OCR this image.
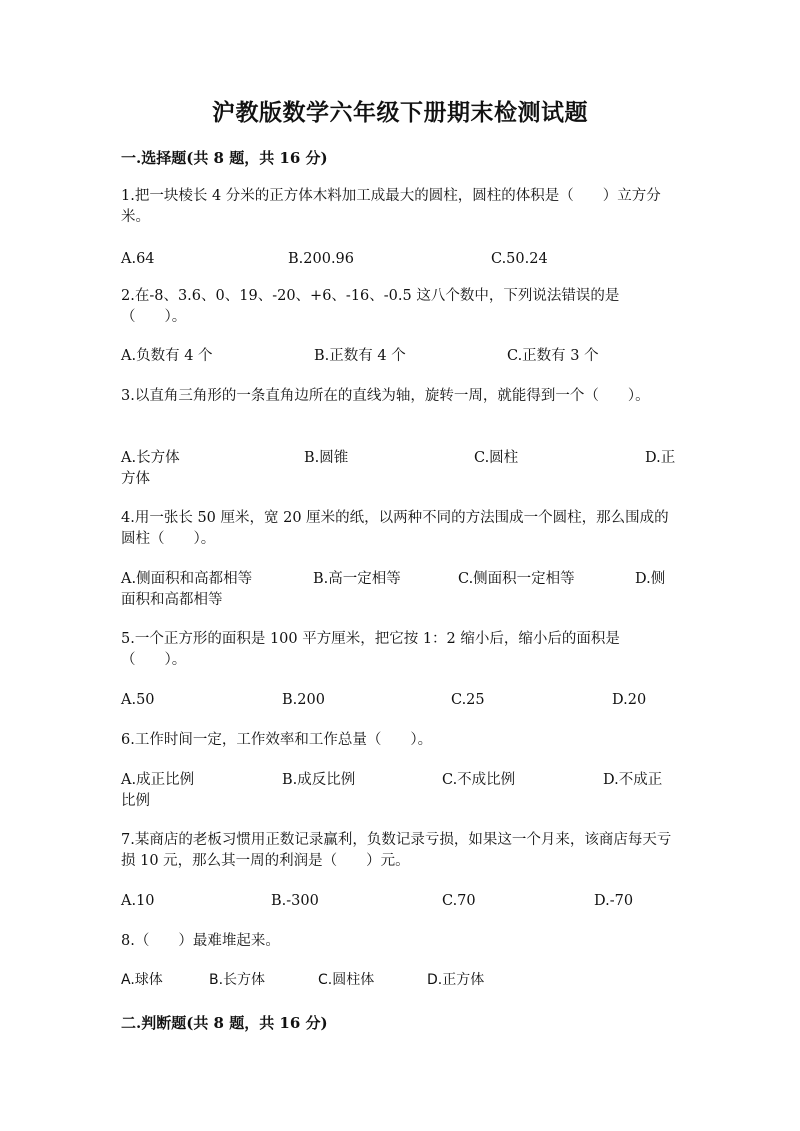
沪教版数学六年级下册期末检测试题
一.选择题(共 8 题，共 16 分)
1.把一块棱长 4 分米的正方体木料加工成最大的圆柱，圆柱的体积是（　　）立方分米。
A.64	B.200.96	C.50.24
2.在-8、3.6、0、19、-20、+6、-16、-0.5 这八个数中，下列说法错误的是（　　）。
A.负数有 4 个	B.正数有 4 个	C.正数有 3 个
3.以直角三角形的一条直角边所在的直线为轴，旋转一周，就能得到一个（　　）。
A.长方体	B.圆锥	C.圆柱	D.正
方体
4.用一张长 50 厘米，宽 20 厘米的纸，以两种不同的方法围成一个圆柱，那么围成的圆柱（　　）。
A.侧面积和高都相等	B.高一定相等	C.侧面积一定相等	D.侧
面积和高都相等
5.一个正方形的面积是 100 平方厘米，把它按 1：2 缩小后，缩小后的面积是（　　）。
A.50	B.200	C.25	D.20
6.工作时间一定，工作效率和工作总量（　　）。
A.成正比例	B.成反比例	C.不成比例	D.不成正
比例
7.某商店的老板习惯用正数记录赢利，负数记录亏损，如果这一个月来，该商店每天亏损 10 元，那么其一周的利润是（　　）元。
A.10	B.-300	C.70	D.-70
8.（　　）最难堆起来。
A.球体	B.长方体	C.圆柱体	D.正方体
二.判断题(共 8 题，共 16 分)
